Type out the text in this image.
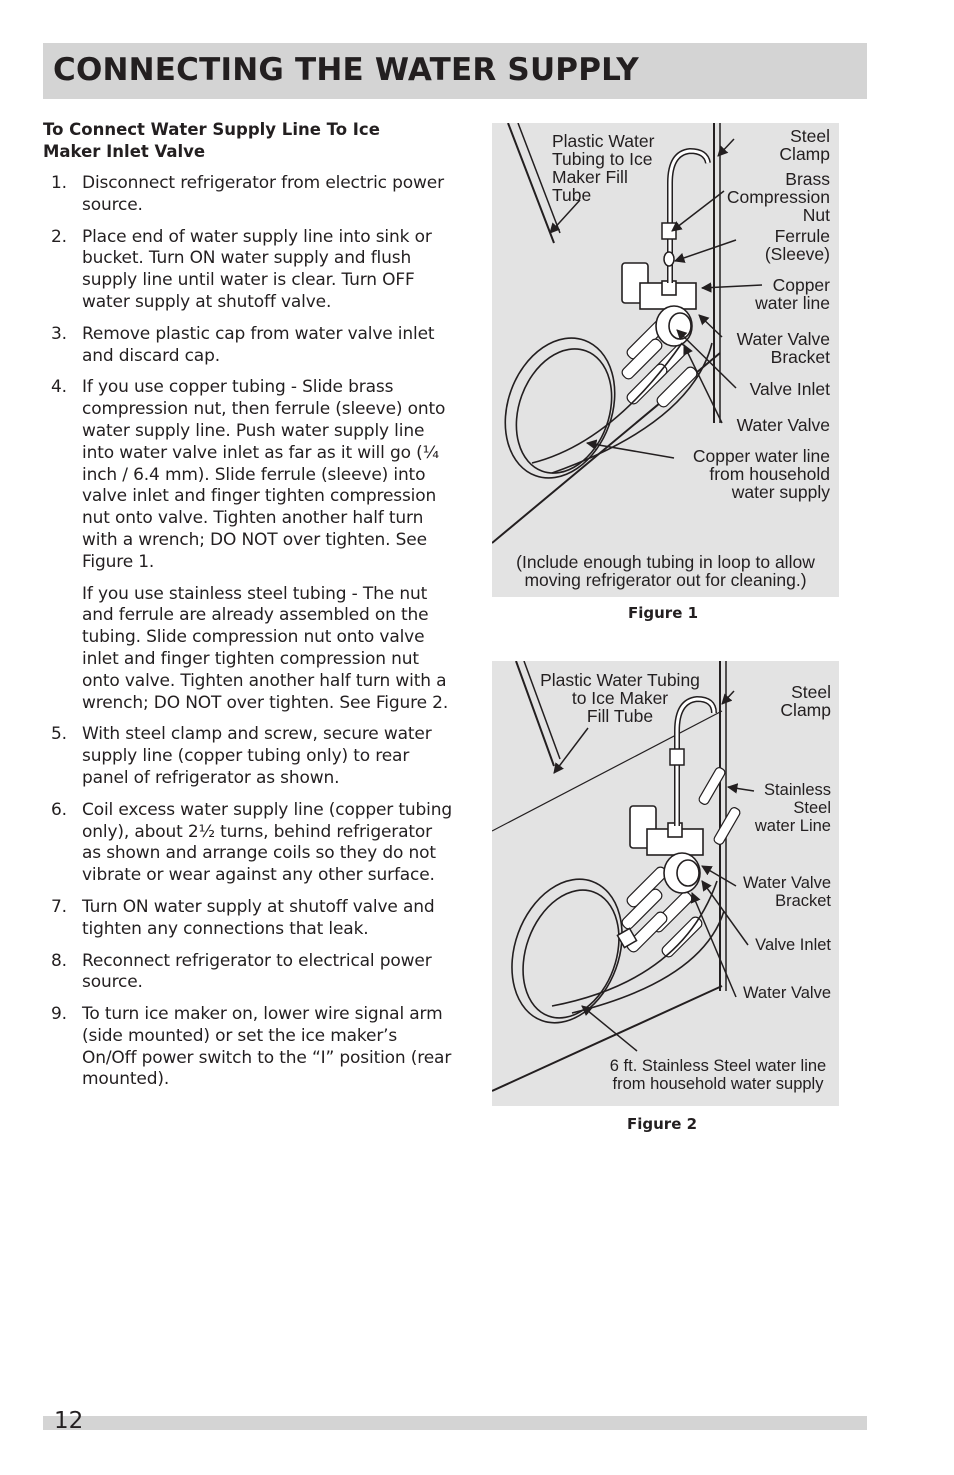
CONNECTING THE WATER SUPPLY
To Connect Water Supply Line To Ice Maker Inlet Valve
1. Disconnect refrigerator from electric power source.
2. Place end of water supply line into sink or bucket. Turn ON water supply and flush supply line until water is clear. Turn OFF water supply at shutoff valve.
3. Remove plastic cap from water valve inlet and discard cap.
4. If you use copper tubing - Slide brass compression nut, then ferrule (sleeve) onto water supply line. Push water supply line into water valve inlet as far as it will go (¼ inch / 6.4 mm). Slide ferrule (sleeve) into valve inlet and finger tighten compression nut onto valve. Tighten another half turn with a wrench; DO NOT over tighten. See Figure 1.
If you use stainless steel tubing - The nut and ferrule are already assembled on the tubing. Slide compression nut onto valve inlet and finger tighten compression nut onto valve. Tighten another half turn with a wrench; DO NOT over tighten. See Figure 2.
5. With steel clamp and screw, secure water supply line (copper tubing only) to rear panel of refrigerator as shown.
6. Coil excess water supply line (copper tubing only), about 2½ turns, behind refrigerator as shown and arrange coils so they do not vibrate or wear against any other surface.
7. Turn ON water supply at shutoff valve and tighten any connections that leak.
8. Reconnect refrigerator to electrical power source.
9. To turn ice maker on, lower wire signal arm (side mounted) or set the ice maker’s On/Off power switch to the “I” position (rear mounted).
Plastic Water
Tubing to Ice
Maker Fill
Tube
Steel
Clamp
Brass
Compression
Nut
Ferrule
(Sleeve)
Copper
water line
Water Valve
Bracket
Valve Inlet
Water Valve
Copper water line
from household
water supply
(Include enough tubing in loop to allow
moving refrigerator out for cleaning.)
Figure 1
Plastic Water Tubing
to Ice Maker
Fill Tube
Steel
Clamp
Stainless
Steel
water Line
Water Valve
Bracket
Valve Inlet
Water Valve
6 ft. Stainless Steel water line
from household water supply
Figure 2
12
